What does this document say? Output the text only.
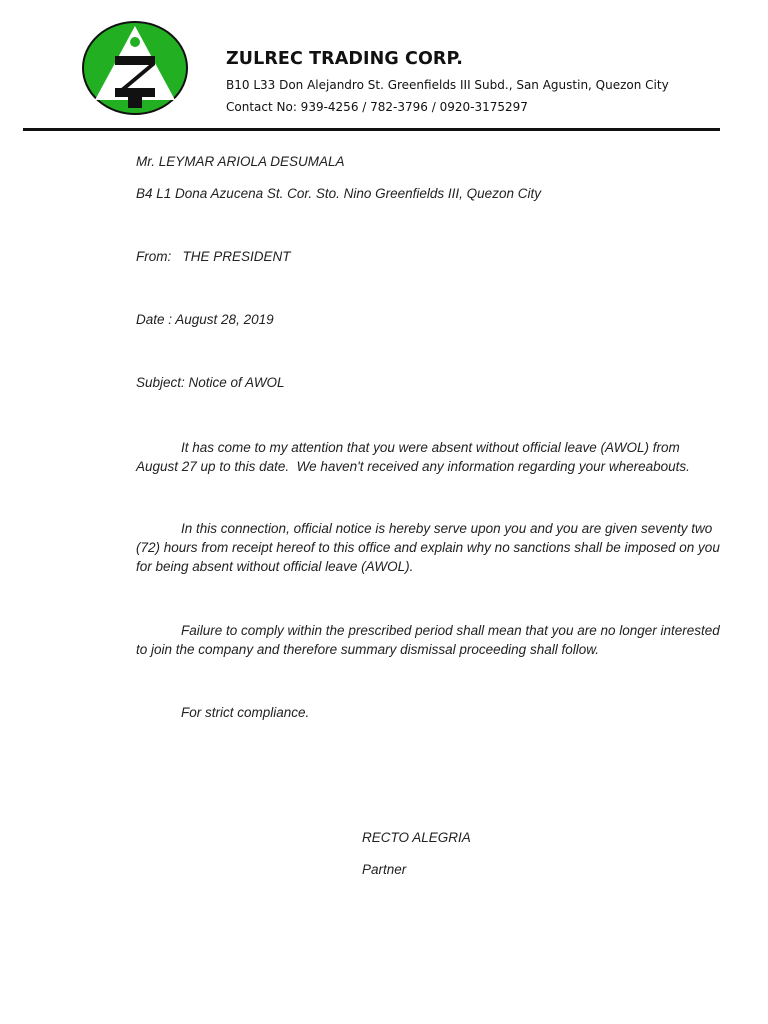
ZULREC TRADING CORP.
B10 L33 Don Alejandro St. Greenfields III Subd., San Agustin, Quezon City
Contact No: 939-4256 / 782-3796 / 0920-3175297
Mr. LEYMAR ARIOLA DESUMALA
B4 L1 Dona Azucena St. Cor. Sto. Nino Greenfields III, Quezon City
From:   THE PRESIDENT
Date : August 28, 2019
Subject: Notice of AWOL

It has come to my attention that you were absent without official leave (AWOL) from August 27 up to this date.  We haven't received any information regarding your whereabouts.

In this connection, official notice is hereby serve upon you and you are given seventy two (72) hours from receipt hereof to this office and explain why no sanctions shall be imposed on you for being absent without official leave (AWOL).

Failure to comply within the prescribed period shall mean that you are no longer interested to join the company and therefore summary dismissal proceeding shall follow.

For strict compliance.

RECTO ALEGRIA
Partner
